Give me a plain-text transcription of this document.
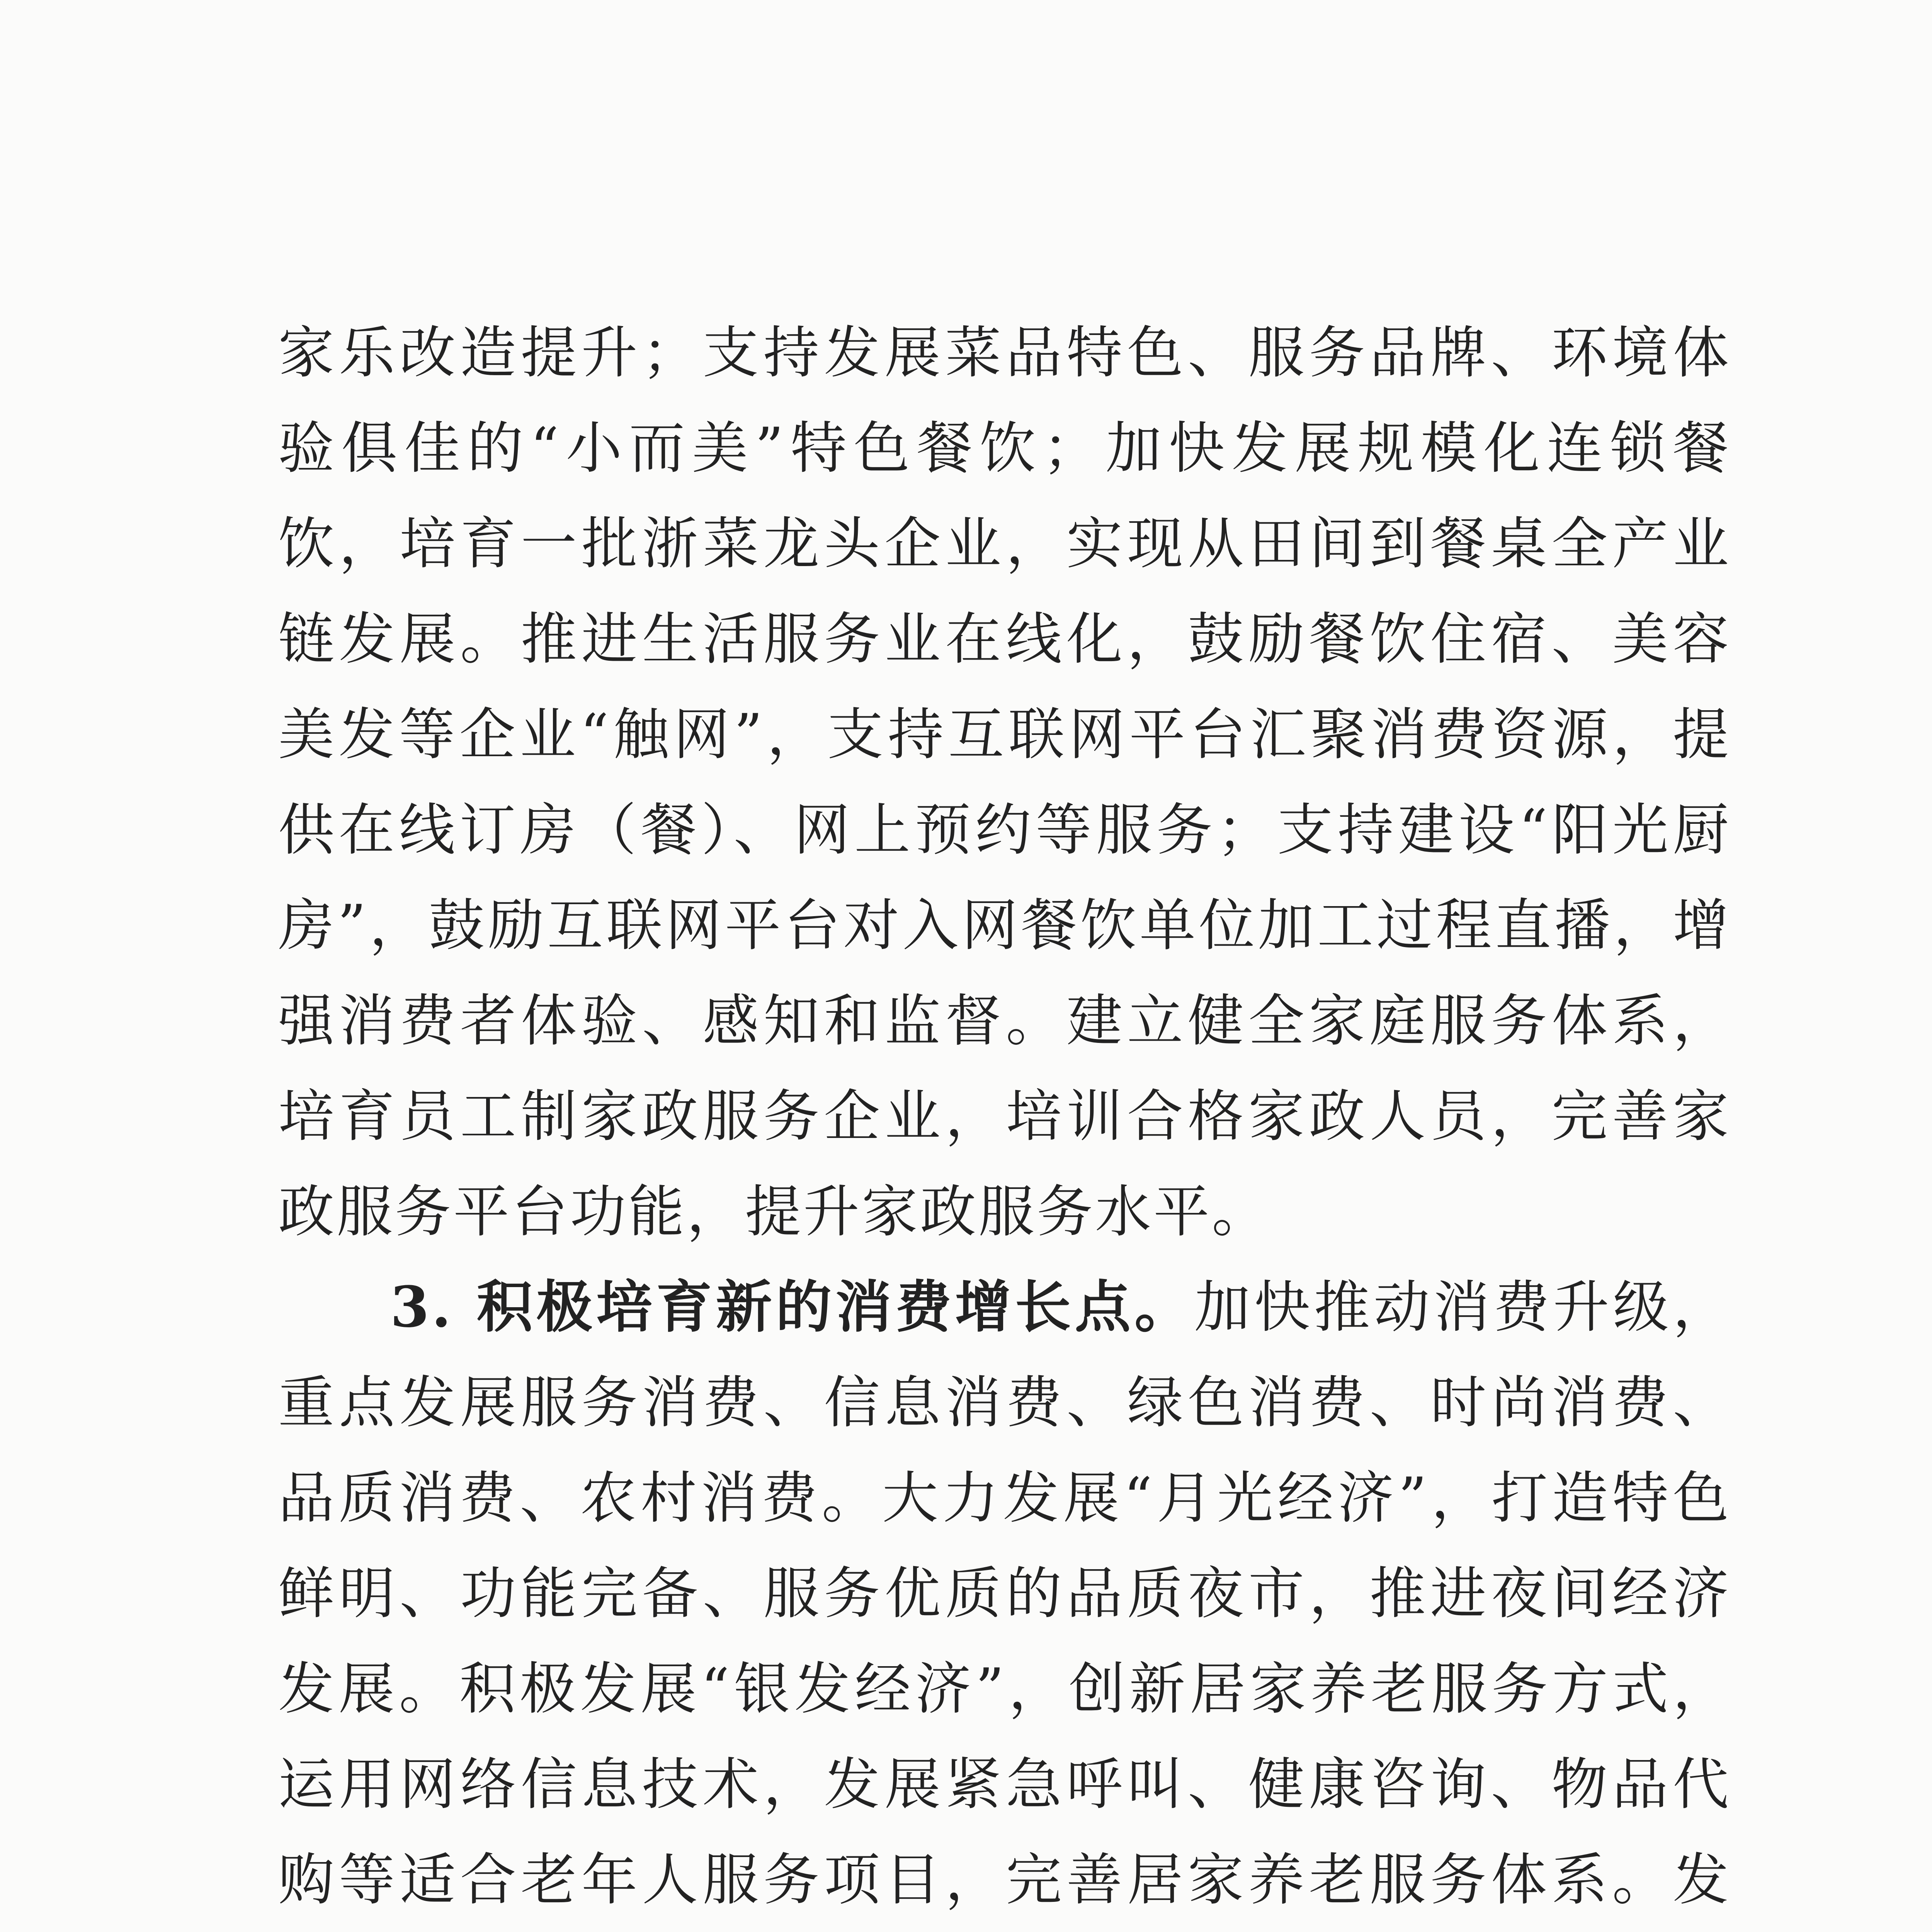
家乐改造提升；支持发展菜品特色、服务品牌、环境体验俱佳的“小而美”特色餐饮；加快发展规模化连锁餐饮，培育一批浙菜龙头企业，实现从田间到餐桌全产业链发展。推进生活服务业在线化，鼓励餐饮住宿、美容美发等企业“触网”，支持互联网平台汇聚消费资源，提供在线订房（餐）、网上预约等服务；支持建设“阳光厨房”，鼓励互联网平台对入网餐饮单位加工过程直播，增强消费者体验、感知和监督。建立健全家庭服务体系，培育员工制家政服务企业，培训合格家政人员，完善家政服务平台功能，提升家政服务水平。

3. 积极培育新的消费增长点。加快推动消费升级，重点发展服务消费、信息消费、绿色消费、时尚消费、品质消费、农村消费。大力发展“月光经济”，打造特色鲜明、功能完备、服务优质的品质夜市，推进夜间经济发展。积极发展“银发经济”，创新居家养老服务方式，运用网络信息技术，发展紧急呼叫、健康咨询、物品代购等适合老年人服务项目，完善居家养老服务体系。发
